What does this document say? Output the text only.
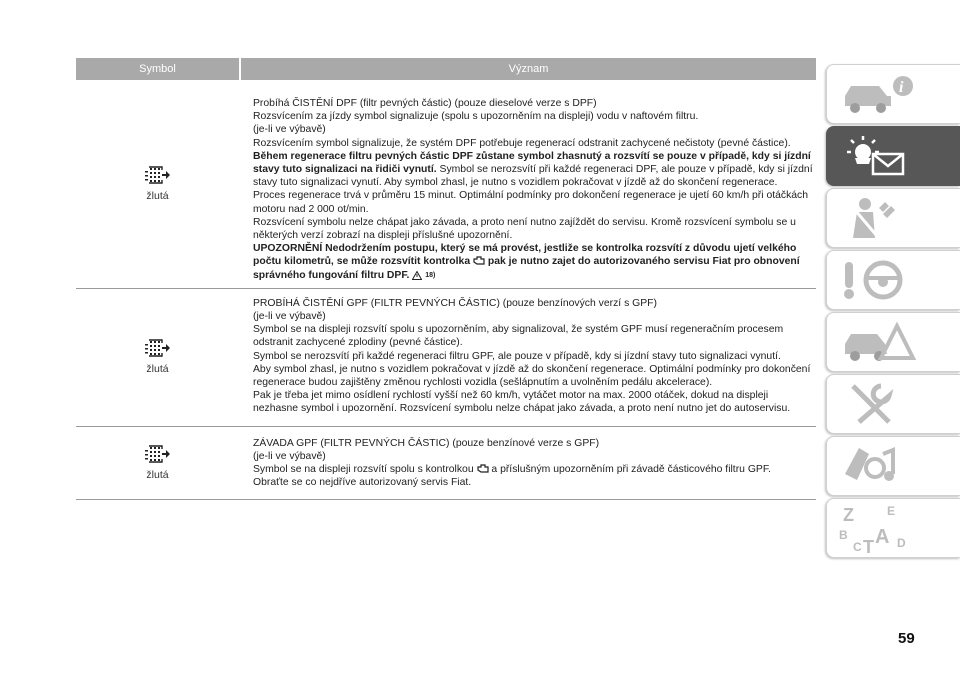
Symbol	Význam
žlutá

Probíhá ČISTĚNÍ DPF (filtr pevných částic) (pouze dieselové verze s DPF)

Rozsvícením za jízdy symbol signalizuje (spolu s upozorněním na displeji) vodu v naftovém filtru.

(je-li ve výbavě)

Rozsvícením symbol signalizuje, že systém DPF potřebuje regenerací odstranit zachycené nečistoty (pevné částice).

Během regenerace filtru pevných částic DPF zůstane symbol zhasnutý a rozsvítí se pouze v případě, kdy si jízdní stavy tuto signalizaci na řidiči vynutí. Symbol se nerozsvítí při každé regeneraci DPF, ale pouze v případě, kdy si jízdní stavy tuto signalizaci vynutí. Aby symbol zhasl, je nutno s vozidlem pokračovat v jízdě až do skončení regenerace.

Proces regenerace trvá v průměru 15 minut. Optimální podmínky pro dokončení regenerace je ujetí 60 km/h při otáčkách motoru nad 2 000 ot/min.

Rozsvícení symbolu nelze chápat jako závada, a proto není nutno zajíždět do servisu. Kromě rozsvícení symbolu se u některých verzí zobrazí na displeji příslušné upozornění.

UPOZORNĚNÍ Nedodržením postupu, který se má provést, jestliže se kontrolka rozsvítí z důvodu ujetí velkého počtu kilometrů, se může rozsvítit kontrolka  pak je nutno zajet do autorizovaného servisu Fiat pro obnovení správného fungování filtru DPF. 18)

žlutá

PROBÍHÁ ČISTĚNÍ GPF (FILTR PEVNÝCH ČÁSTIC) (pouze benzínových verzí s GPF)

(je-li ve výbavě)

Symbol se na displeji rozsvítí spolu s upozorněním, aby signalizoval, že systém GPF musí regeneračním procesem odstranit zachycené zplodiny (pevné částice).

Symbol se nerozsvítí při každé regeneraci filtru GPF, ale pouze v případě, kdy si jízdní stavy tuto signalizaci vynutí.

Aby symbol zhasl, je nutno s vozidlem pokračovat v jízdě až do skončení regenerace. Optimální podmínky pro dokončení regenerace budou zajištěny změnou rychlosti vozidla (sešlápnutím a uvolněním pedálu akcelerace).

Pak je třeba jet mimo osídlení rychlostí vyšší než 60 km/h, vytáčet motor na max. 2000 otáček, dokud na displeji nezhasne symbol i upozornění. Rozsvícení symbolu nelze chápat jako závada, a proto není nutno jet do autoservisu.

žlutá

ZÁVADA GPF (FILTR PEVNÝCH ČÁSTIC) (pouze benzínové verze s GPF)

(je-li ve výbavě)

Symbol se na displeji rozsvítí spolu s kontrolkou  a příslušným upozorněním při závadě částicového filtru GPF.

Obraťte se co nejdříve autorizovaný servis Fiat.

i
Z	E
B A
C T D
59
